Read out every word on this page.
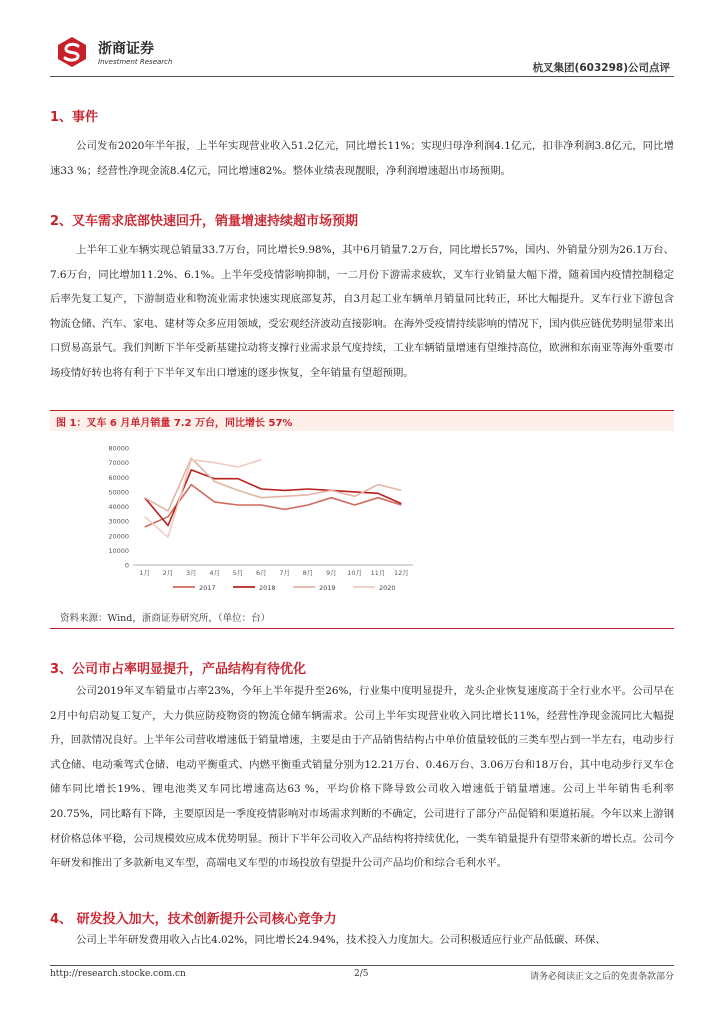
浙商证券
Investment Research	杭叉集团(603298)公司点评
1、事件

公司发布2020年半年报，上半年实现营业收入51.2亿元，同比增长11%；实现归母净利润4.1亿元，扣非净利润3.8亿元，同比增速33 %；经营性净现金流8.4亿元，同比增速82%。整体业绩表现靓眼，净利润增速超出市场预期。

2、叉车需求底部快速回升，销量增速持续超市场预期

上半年工业车辆实现总销量33.7万台，同比增长9.98%，其中6月销量7.2万台，同比增长57%，国内、外销量分别为26.1万台、7.6万台，同比增加11.2%、6.1%。上半年受疫情影响抑制，一二月份下游需求疲软，叉车行业销量大幅下滑，随着国内疫情控制稳定后率先复工复产，下游制造业和物流业需求快速实现底部复苏，自3月起工业车辆单月销量同比转正，环比大幅提升。叉车行业下游包含物流仓储、汽车、家电、建材等众多应用领域，受宏观经济波动直接影响。在海外受疫情持续影响的情况下，国内供应链优势明显带来出口贸易高景气。我们判断下半年受新基建拉动将支撑行业需求景气度持续，工业车辆销量增速有望维持高位，欧洲和东南亚等海外重要市场疫情好转也将有利于下半年叉车出口增速的逐步恢复，全年销量有望超预期。

图 1：叉车 6 月单月销量 7.2 万台，同比增长 57%
0
10000
20000
30000
40000
50000
60000
70000
80000
1月 2月 3月 4月 5月 6月 7月 8月 9月 10月 11月 12月
2017	2018	2019	2020
资料来源：Wind，浙商证券研究所，（单位：台）
3、公司市占率明显提升，产品结构有待优化

公司2019年叉车销量市占率23%，今年上半年提升至26%，行业集中度明显提升，龙头企业恢复速度高于全行业水平。公司早在2月中旬启动复工复产，大力供应防疫物资的物流仓储车辆需求。公司上半年实现营业收入同比增长11%，经营性净现金流同比大幅提升，回款情况良好。上半年公司营收增速低于销量增速，主要是由于产品销售结构占中单价值量较低的三类车型占到一半左右，电动步行式仓储、电动乘驾式仓储、电动平衡重式、内燃平衡重式销量分别为12.21万台、0.46万台、3.06万台和18万台，其中电动步行叉车仓储车同比增长19%、锂电池类叉车同比增速高达63 %，平均价格下降导致公司收入增速低于销量增速。公司上半年销售毛利率20.75%，同比略有下降，主要原因是一季度疫情影响对市场需求判断的不确定，公司进行了部分产品促销和渠道拓展。今年以来上游钢材价格总体平稳，公司规模效应成本优势明显。预计下半年公司收入产品结构将持续优化，一类车销量提升有望带来新的增长点。公司今年研发和推出了多款新电叉车型，高端电叉车型的市场投放有望提升公司产品均价和综合毛利水平。

4、 研发投入加大，技术创新提升公司核心竞争力

公司上半年研发费用收入占比4.02%，同比增长24.94%，技术投入力度加大。公司积极适应行业产品低碳、环保、

http://research.stocke.com.cn	2/5	请务必阅读正文之后的免责条款部分
